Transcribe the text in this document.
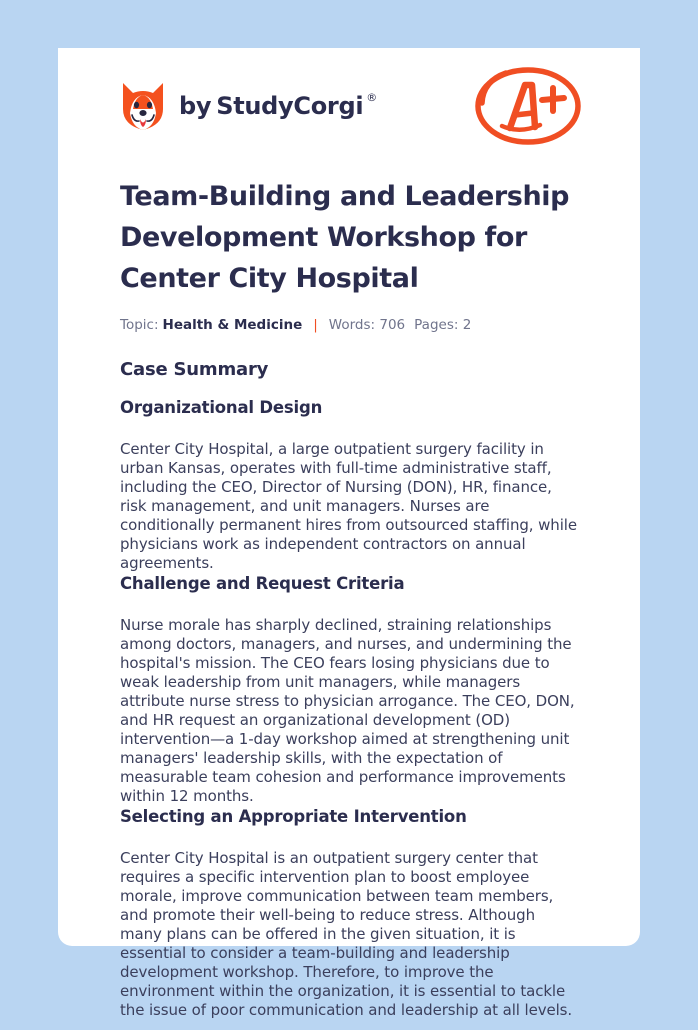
by StudyCorgi ®
Team-Building and Leadership Development Workshop for Center City Hospital
Topic: Health & Medicine | Words: 706 Pages: 2
Case Summary
Organizational Design

Center City Hospital, a large outpatient surgery facility in urban Kansas, operates with full-time administrative staff, including the CEO, Director of Nursing (DON), HR, finance, risk management, and unit managers. Nurses are conditionally permanent hires from outsourced staffing, while physicians work as independent contractors on annual agreements.

Challenge and Request Criteria

Nurse morale has sharply declined, straining relationships among doctors, managers, and nurses, and undermining the hospital's mission. The CEO fears losing physicians due to weak leadership from unit managers, while managers attribute nurse stress to physician arrogance. The CEO, DON, and HR request an organizational development (OD) intervention—a 1-day workshop aimed at strengthening unit managers' leadership skills, with the expectation of measurable team cohesion and performance improvements within 12 months.

Selecting an Appropriate Intervention

Center City Hospital is an outpatient surgery center that requires a specific intervention plan to boost employee morale, improve communication between team members, and promote their well-being to reduce stress. Although many plans can be offered in the given situation, it is essential to consider a team-building and leadership development workshop. Therefore, to improve the environment within the organization, it is essential to tackle the issue of poor communication and leadership at all levels.
